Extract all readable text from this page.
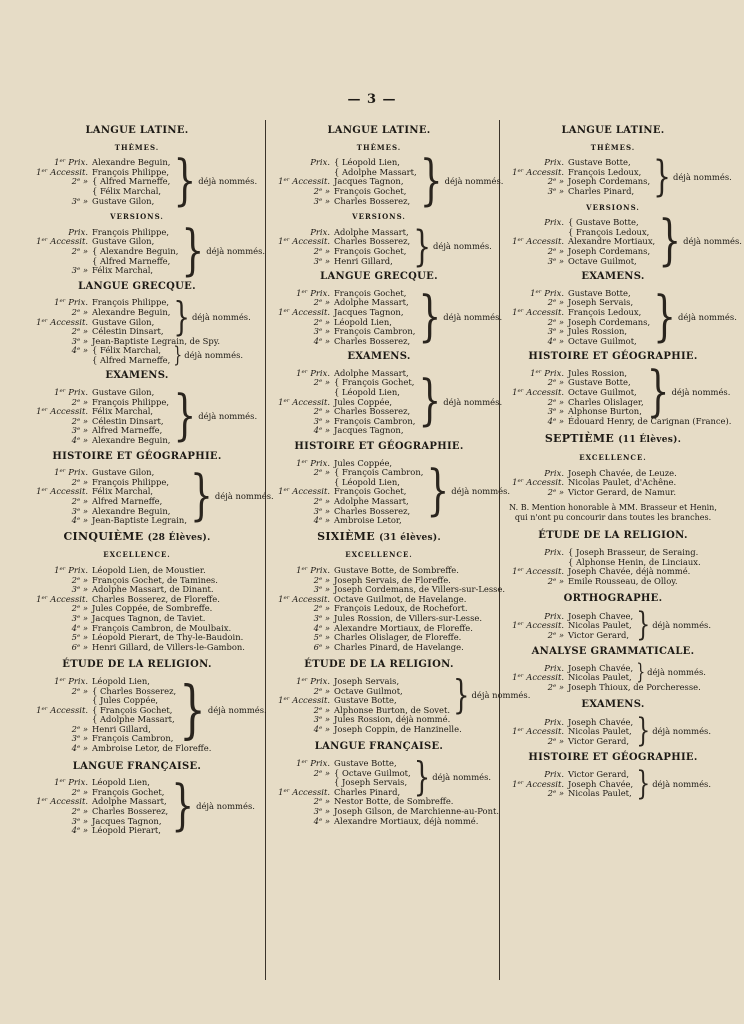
— 3 —
LANGUE LATINE.
THÈMES.
1ᵉʳ Prix. Alexandre Beguin,
1ᵉʳ Accessit. François Philippe,
2ᵉ » { Alfred Marneffe,
{ Félix Marchal,
3ᵉ » Gustave Gilon, } déjà nommés.
VERSIONS.
Prix. François Philippe,
1ᵉʳ Accessit. Gustave Gilon,
2ᵉ » { Alexandre Beguin,
{ Alfred Marneffe,
3ᵉ » Félix Marchal, } déjà nommés.
LANGUE GRECQUE.
1ᵉʳ Prix. François Philippe,
2ᵉ » Alexandre Beguin,
1ᵉʳ Accessit. Gustave Gilon,
2ᵉ » Célestin Dinsart, } déjà nommés.
3ᵉ » Jean-Baptiste Legrain, de Spy.
4ᵉ » { Félix Marchal,
{ Alfred Marneffe, } déjà nommés.
EXAMENS.
1ᵉʳ Prix. Gustave Gilon,
2ᵉ » François Philippe,
1ᵉʳ Accessit. Félix Marchal,
2ᵉ » Célestin Dinsart,
3ᵉ » Alfred Marneffe,
4ᵉ » Alexandre Beguin, } déjà nommés.
HISTOIRE ET GÉOGRAPHIE.
1ᵉʳ Prix. Gustave Gilon,
2ᵉ » François Philippe,
1ᵉʳ Accessit. Félix Marchal,
2ᵉ » Alfred Marneffe,
3ᵉ » Alexandre Beguin,
4ᵉ » Jean-Baptiste Legrain, } déjà nommés.
CINQUIÈME (28 Élèves).
EXCELLENCE.
1ᵉʳ Prix. Léopold Lien, de Moustier.
2ᵉ » François Gochet, de Tamines.
3ᵉ » Adolphe Massart, de Dinant.
1ᵉʳ Accessit. Charles Bosserez, de Floreffe.
2ᵉ » Jules Coppée, de Sombreffe.
3ᵉ » Jacques Tagnon, de Taviet.
4ᵉ » François Cambron, de Moulbaix.
5ᵉ » Léopold Pierart, de Thy-le-Baudoin.
6ᵉ » Henri Gillard, de Villers-le-Gambon.
ÉTUDE DE LA RELIGION.
1ᵉʳ Prix. Léopold Lien,
2ᵉ » { Charles Bosserez,
{ Jules Coppée,
1ᵉʳ Accessit. { François Gochet,
{ Adolphe Massart,
2ᵉ » Henri Gillard,
3ᵉ » François Cambron, } déjà nommés.
4ᵉ » Ambroise Letor, de Floreffe.
LANGUE FRANÇAISE.
1ᵉʳ Prix. Léopold Lien,
2ᵉ » François Gochet,
1ᵉʳ Accessit. Adolphe Massart,
2ᵉ » Charles Bosserez,
3ᵉ » Jacques Tagnon,
4ᵉ » Léopold Pierart, } déjà nommés.
LANGUE LATINE.
THÈMES.
Prix. { Léopold Lien,
{ Adolphe Massart,
1ᵉʳ Accessit. Jacques Tagnon,
2ᵉ » François Gochet,
3ᵉ » Charles Bosserez, } déjà nommés.
VERSIONS.
Prix. Adolphe Massart,
1ᵉʳ Accessit. Charles Bosserez,
2ᵉ » François Gochet,
3ᵉ » Henri Gillard, } déjà nommés.
LANGUE GRECQUE.
1ᵉʳ Prix. François Gochet,
2ᵉ » Adolphe Massart,
1ᵉʳ Accessit. Jacques Tagnon,
2ᵉ » Léopold Lien,
3ᵉ » François Cambron,
4ᵉ » Charles Bosserez, } déjà nommés.
EXAMENS.
1ᵉʳ Prix. Adolphe Massart,
2ᵉ » { François Gochet,
{ Léopold Lien,
1ᵉʳ Accessit. Jules Coppée,
2ᵉ » Charles Bosserez,
3ᵉ » François Cambron,
4ᵉ » Jacques Tagnon, } déjà nommés.
HISTOIRE ET GÉOGRAPHIE.
1ᵉʳ Prix. Jules Coppée,
2ᵉ » { François Cambron,
{ Léopold Lien,
1ᵉʳ Accessit. François Gochet,
2ᵉ » Adolphe Massart,
3ᵉ » Charles Bosserez,
4ᵉ » Ambroise Letor, } déjà nommés.
SIXIÈME (31 élèves).
EXCELLENCE.
1ᵉʳ Prix. Gustave Botte, de Sombreffe.
2ᵉ » Joseph Servais, de Floreffe.
3ᵉ » Joseph Cordemans, de Villers-sur-Lesse.
1ᵉʳ Accessit. Octave Guilmot, de Havelange.
2ᵉ » François Ledoux, de Rochefort.
3ᵉ » Jules Rossion, de Villers-sur-Lesse.
4ᵉ » Alexandre Mortiaux, de Floreffe.
5ᵉ » Charles Olislager, de Floreffe.
6ᵉ » Charles Pinard, de Havelange.
ÉTUDE DE LA RELIGION.
1ᵉʳ Prix. Joseph Servais,
2ᵉ » Octave Guilmot,
1ᵉʳ Accessit. Gustave Botte,
2ᵉ » Alphonse Burton, de Sovet. } déjà nommés.
3ᵉ » Jules Rossion, déjà nommé.
4ᵉ » Joseph Coppin, de Hanzinelle.
LANGUE FRANÇAISE.
1ᵉʳ Prix. Gustave Botte,
2ᵉ » { Octave Guilmot,
{ Joseph Servais,
1ᵉʳ Accessit. Charles Pinard, } déjà nommés.
2ᵉ » Nestor Botte, de Sombreffe.
3ᵉ » Joseph Gilson, de Marchienne-au-Pont.
4ᵉ » Alexandre Mortiaux, déjà nommé.
LANGUE LATINE.
THÈMES.
Prix. Gustave Botte,
1ᵉʳ Accessit. François Ledoux,
2ᵉ » Joseph Cordemans,
3ᵉ » Charles Pinard, } déjà nommés.
VERSIONS.
Prix. { Gustave Botte,
{ François Ledoux,
1ᵉʳ Accessit. Alexandre Mortiaux,
2ᵉ » Joseph Cordemans,
3ᵉ » Octave Guilmot, } déjà nommés.
EXAMENS.
1ᵉʳ Prix. Gustave Botte,
2ᵉ » Joseph Servais,
1ᵉʳ Accessit. François Ledoux,
2ᵉ » Joseph Cordemans,
3ᵉ » Jules Rossion,
4ᵉ » Octave Guilmot, } déjà nommés.
HISTOIRE ET GÉOGRAPHIE.
1ᵉʳ Prix. Jules Rossion,
2ᵉ » Gustave Botte,
1ᵉʳ Accessit. Octave Guilmot,
2ᵉ » Charles Olislager,
3ᵉ » Alphonse Burton, } déjà nommés.
4ᵉ » Édouard Henry, de Carignan (France).
SEPTIÈME (11 Élèves).
EXCELLENCE.
Prix. Joseph Chavée, de Leuze.
1ᵉʳ Accessit. Nicolas Paulet, d'Achêne.
2ᵉ » Victor Gerard, de Namur.
N. B. Mention honorable à MM. Brasseur et Henin,
qui n'ont pu concourir dans toutes les branches.
ÉTUDE DE LA RELIGION.
Prix. { Joseph Brasseur, de Seraing.
{ Alphonse Henin, de Linciaux.
1ᵉʳ Accessit. Joseph Chavée, déjà nommé.
2ᵉ » Emile Rousseau, de Olloy.
ORTHOGRAPHE.
Prix. Joseph Chavee,
1ᵉʳ Accessit. Nicolas Paulet,
2ᵉ » Victor Gerard, } déjà nommés.
ANALYSE GRAMMATICALE.
Prix. Joseph Chavée,
1ᵉʳ Accessit. Nicolas Paulet, } déjà nommés.
2ᵉ » Joseph Thioux, de Porcheresse.
EXAMENS.
Prix. Joseph Chavée,
1ᵉʳ Accessit. Nicolas Paulet,
2ᵉ » Victor Gerard, } déjà nommés.
HISTOIRE ET GÉOGRAPHIE.
Prix. Victor Gerard,
1ᵉʳ Accessit. Joseph Chavée,
2ᵉ » Nicolas Paulet, } déjà nommés.
